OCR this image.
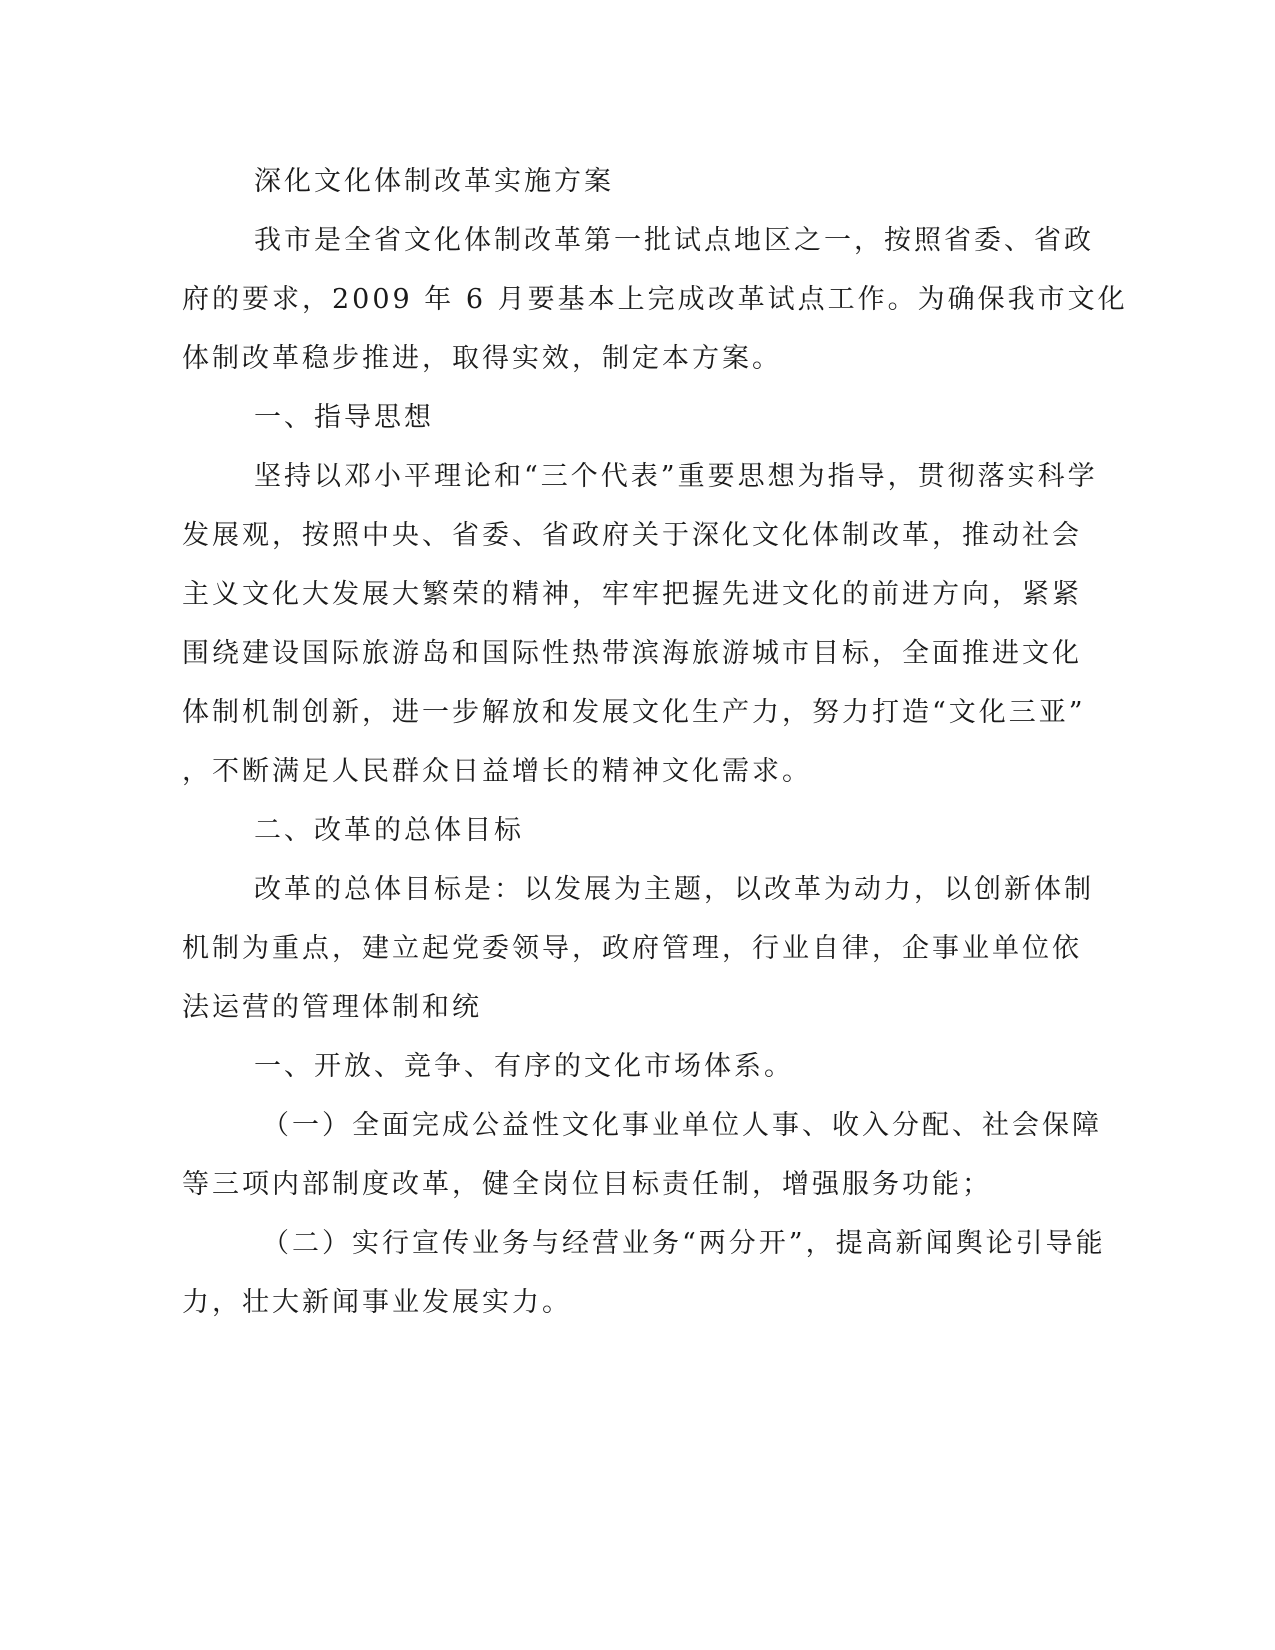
深化文化体制改革实施方案
我市是全省文化体制改革第一批试点地区之一，按照省委、省政
府的要求，2009 年 6 月要基本上完成改革试点工作。为确保我市文化
体制改革稳步推进，取得实效，制定本方案。
一、指导思想
坚持以邓小平理论和“三个代表”重要思想为指导，贯彻落实科学
发展观，按照中央、省委、省政府关于深化文化体制改革，推动社会
主义文化大发展大繁荣的精神，牢牢把握先进文化的前进方向，紧紧
围绕建设国际旅游岛和国际性热带滨海旅游城市目标，全面推进文化
体制机制创新，进一步解放和发展文化生产力，努力打造“文化三亚”
，不断满足人民群众日益增长的精神文化需求。
二、改革的总体目标
改革的总体目标是：以发展为主题，以改革为动力，以创新体制
机制为重点，建立起党委领导，政府管理，行业自律，企事业单位依
法运营的管理体制和统
一、开放、竞争、有序的文化市场体系。
（一）全面完成公益性文化事业单位人事、收入分配、社会保障
等三项内部制度改革，健全岗位目标责任制，增强服务功能；
（二）实行宣传业务与经营业务“两分开”，提高新闻舆论引导能
力，壮大新闻事业发展实力。
